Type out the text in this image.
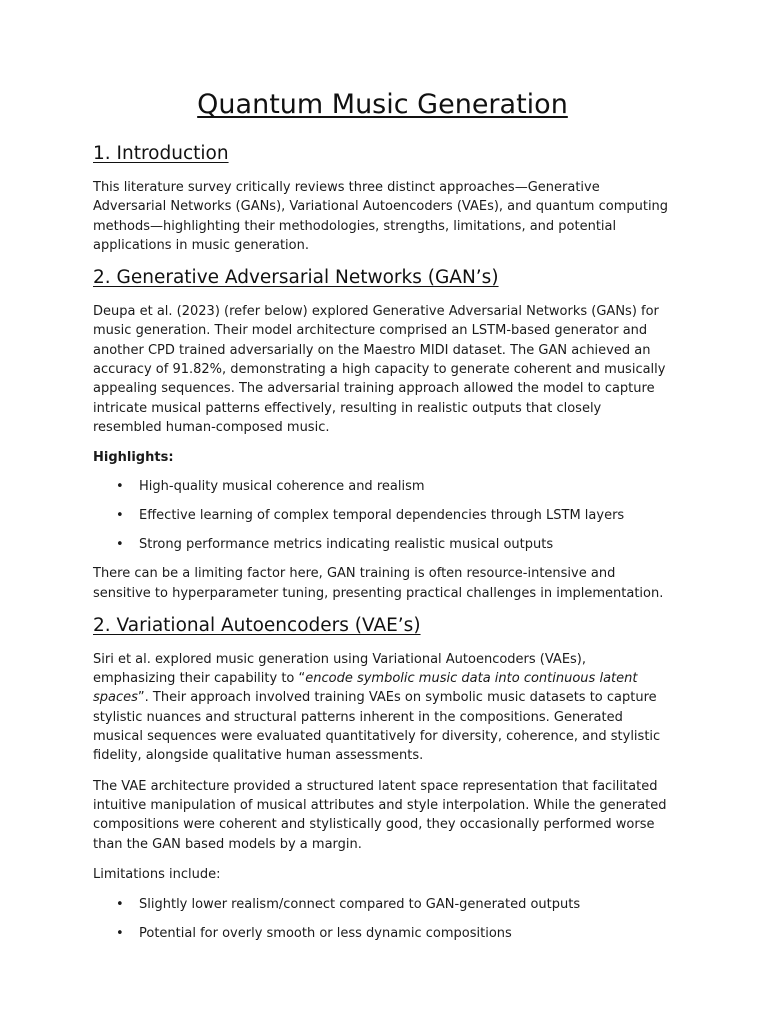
Quantum Music Generation
1. Introduction

This literature survey critically reviews three distinct approaches—Generative Adversarial Networks (GANs), Variational Autoencoders (VAEs), and quantum computing methods—highlighting their methodologies, strengths, limitations, and potential applications in music generation.

2. Generative Adversarial Networks (GAN’s)

Deupa et al. (2023) (refer below) explored Generative Adversarial Networks (GANs) for music generation. Their model architecture comprised an LSTM-based generator and another CPD trained adversarially on the Maestro MIDI dataset. The GAN achieved an accuracy of 91.82%, demonstrating a high capacity to generate coherent and musically appealing sequences. The adversarial training approach allowed the model to capture intricate musical patterns effectively, resulting in realistic outputs that closely resembled human-composed music.

Highlights:
• High-quality musical coherence and realism
• Effective learning of complex temporal dependencies through LSTM layers
• Strong performance metrics indicating realistic musical outputs

There can be a limiting factor here, GAN training is often resource-intensive and sensitive to hyperparameter tuning, presenting practical challenges in implementation.

2. Variational Autoencoders (VAE’s)

Siri et al. explored music generation using Variational Autoencoders (VAEs), emphasizing their capability to “encode symbolic music data into continuous latent spaces”. Their approach involved training VAEs on symbolic music datasets to capture stylistic nuances and structural patterns inherent in the compositions. Generated musical sequences were evaluated quantitatively for diversity, coherence, and stylistic fidelity, alongside qualitative human assessments.

The VAE architecture provided a structured latent space representation that facilitated intuitive manipulation of musical attributes and style interpolation. While the generated compositions were coherent and stylistically good, they occasionally performed worse than the GAN based models by a margin.

Limitations include:

• Slightly lower realism/connect compared to GAN-generated outputs
• Potential for overly smooth or less dynamic compositions
